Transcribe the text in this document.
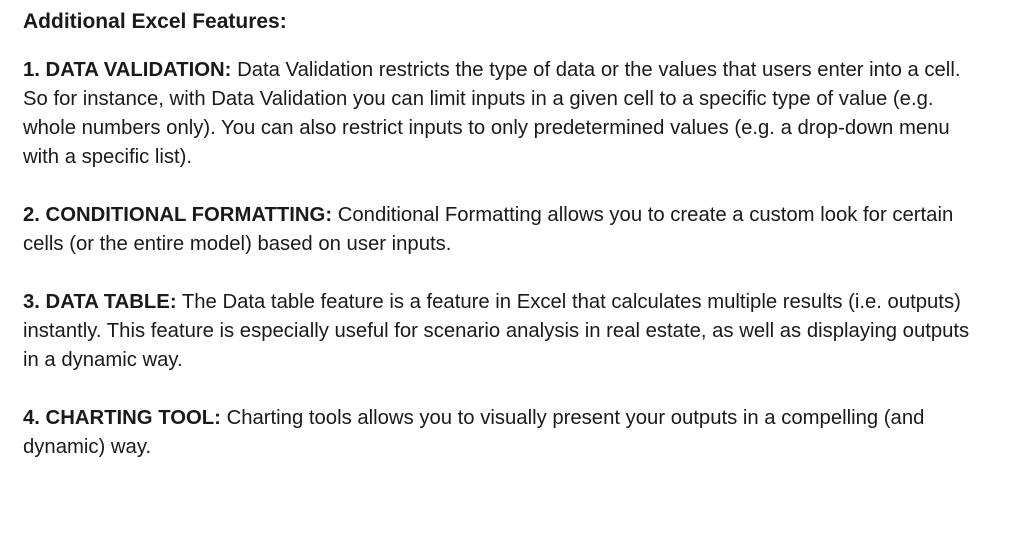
Additional Excel Features:

1. DATA VALIDATION: Data Validation restricts the type of data or the values that users enter into a cell. So for instance, with Data Validation you can limit inputs in a given cell to a specific type of value (e.g. whole numbers only). You can also restrict inputs to only predetermined values (e.g. a drop-down menu with a specific list).

2. CONDITIONAL FORMATTING: Conditional Formatting allows you to create a custom look for certain cells (or the entire model) based on user inputs.

3. DATA TABLE: The Data table feature is a feature in Excel that calculates multiple results (i.e. outputs) instantly. This feature is especially useful for scenario analysis in real estate, as well as displaying outputs in a dynamic way.

4. CHARTING TOOL: Charting tools allows you to visually present your outputs in a compelling (and dynamic) way.
